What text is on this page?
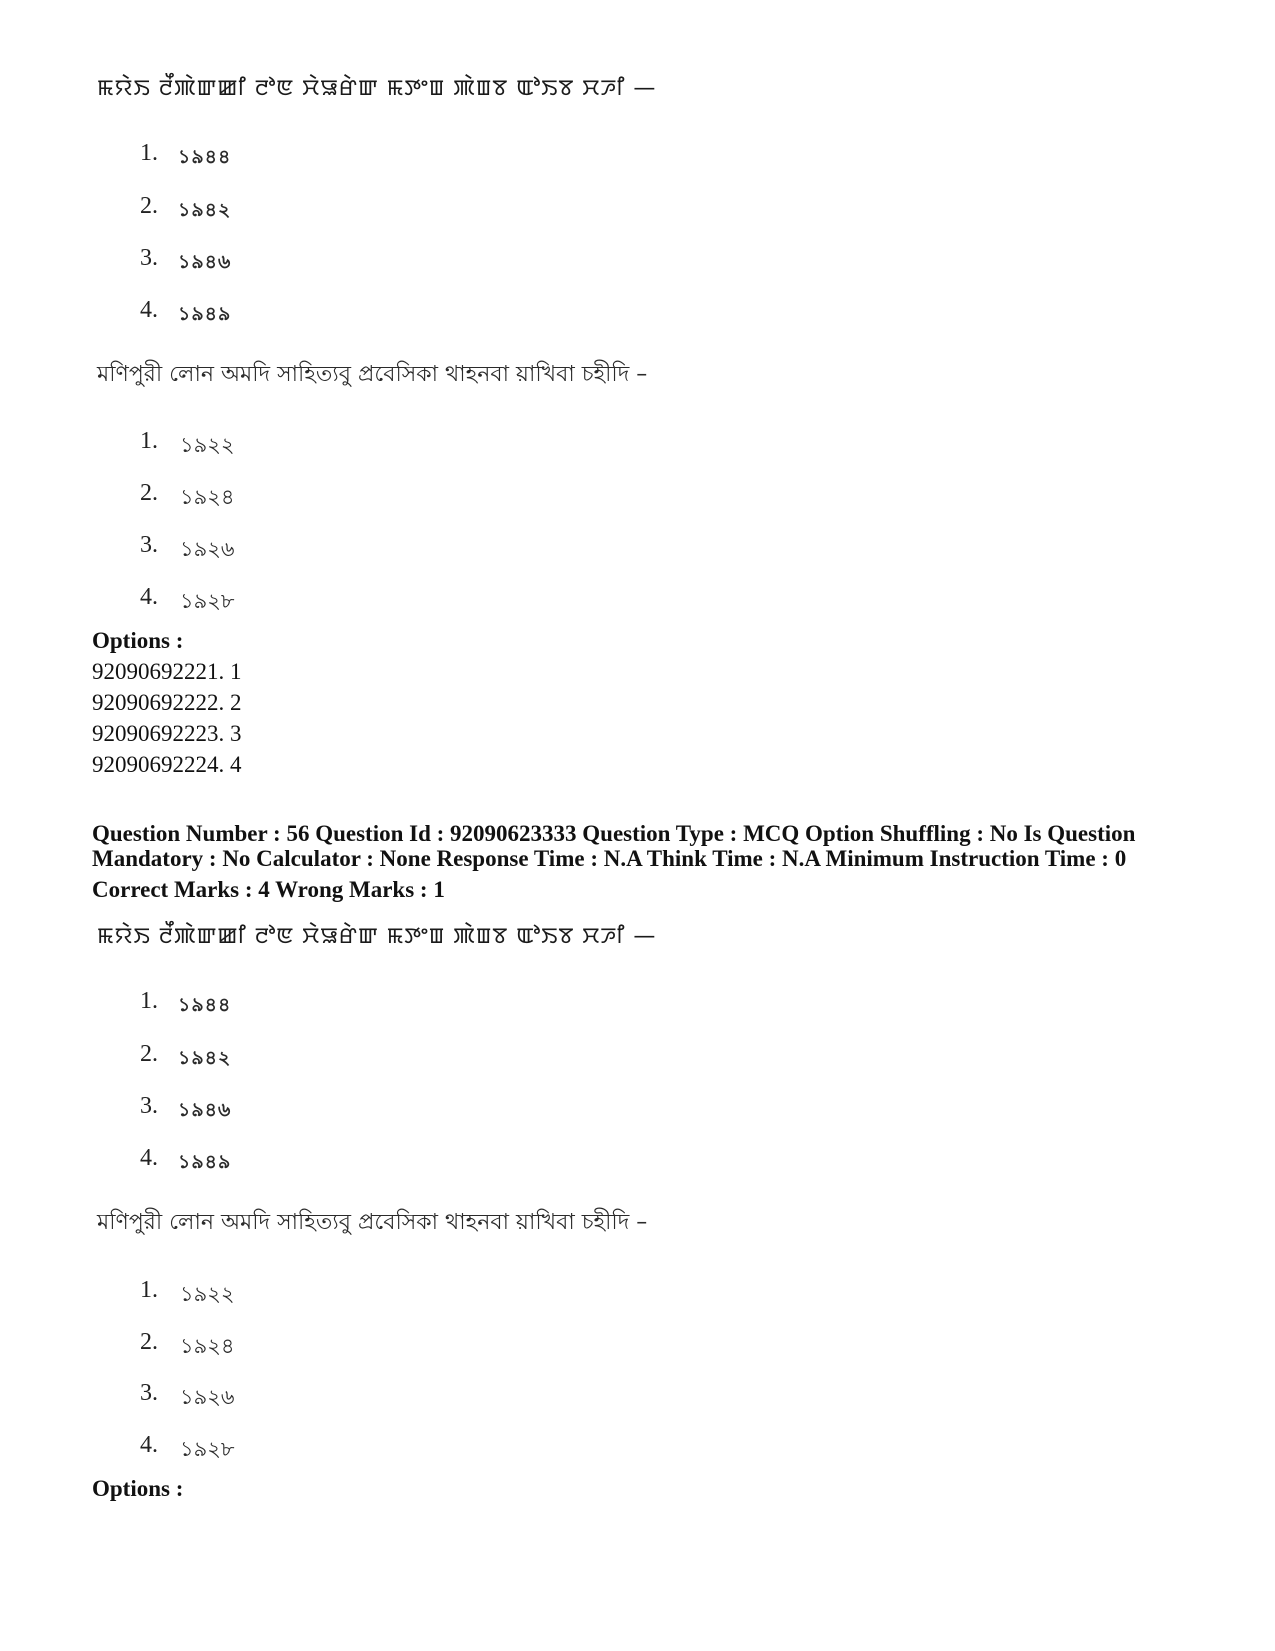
ꯃꯌꯥꯏ ꯂꯩꯄꯥꯛꯀꯤ ꯂꯣꯟ ꯆꯥꯎꯔꯥꯛ ꯃꯇꯦꯡ ꯄꯥꯡꯕ ꯑꯣꯏꯕ ꯆꯍꯤ —
1. ১৯৪৪
2. ১৯৪২
3. ১৯৪৬
4. ১৯৪৯
মণিপুরী লোন অমদি সাহিত্যবু প্রবেসিকা থাহনবা য়াখিবা চহীদি –
1. ১৯২২
2. ১৯২৪
3. ১৯২৬
4. ১৯২৮
Options :
92090692221. 1
92090692222. 2
92090692223. 3
92090692224. 4
Question Number : 56 Question Id : 92090623333 Question Type : MCQ Option Shuffling : No Is Question
Mandatory : No Calculator : None Response Time : N.A Think Time : N.A Minimum Instruction Time : 0
Correct Marks : 4 Wrong Marks : 1
ꯃꯌꯥꯏ ꯂꯩꯄꯥꯛꯀꯤ ꯂꯣꯟ ꯆꯥꯎꯔꯥꯛ ꯃꯇꯦꯡ ꯄꯥꯡꯕ ꯑꯣꯏꯕ ꯆꯍꯤ —
1. ১৯৪৪
2. ১৯৪২
3. ১৯৪৬
4. ১৯৪৯
মণিপুরী লোন অমদি সাহিত্যবু প্রবেসিকা থাহনবা য়াখিবা চহীদি –
1. ১৯২২
2. ১৯২৪
3. ১৯২৬
4. ১৯২৮
Options :
